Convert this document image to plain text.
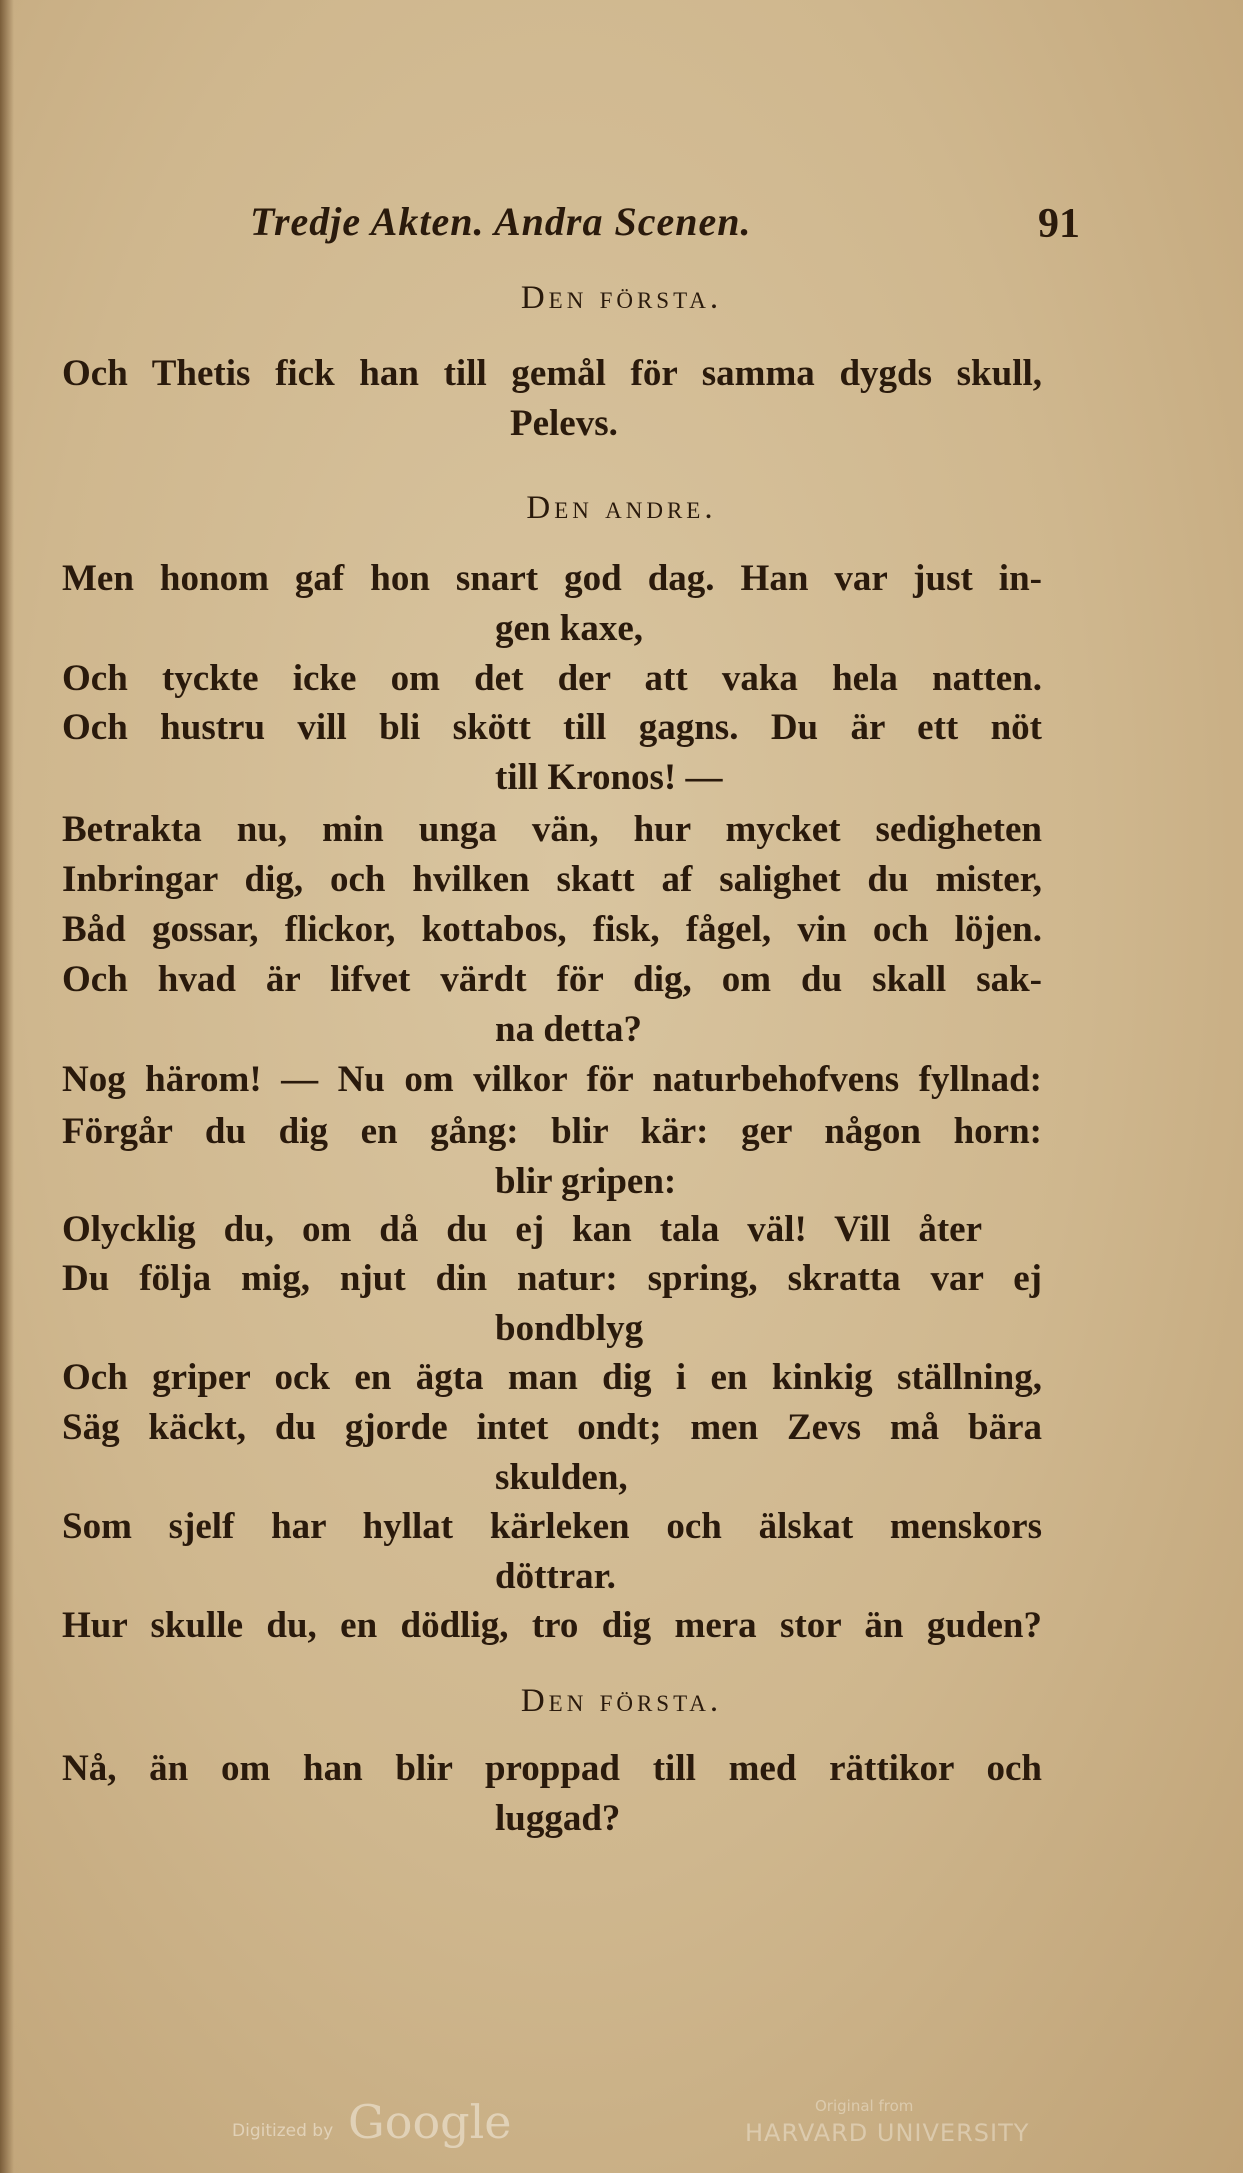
Tredje Akten. Andra Scenen.	91
Den första.
Och Thetis fick han till gemål för samma dygds skull,
Pelevs.
Den andre.
Men honom gaf hon snart god dag. Han var just in-
gen kaxe,
Och tyckte icke om det der att vaka hela natten.
Och hustru vill bli skött till gagns. Du är ett nöt
till Kronos! —
Betrakta nu, min unga vän, hur mycket sedigheten
Inbringar dig, och hvilken skatt af salighet du mister,
Båd gossar, flickor, kottabos, fisk, fågel, vin och löjen.
Och hvad är lifvet värdt för dig, om du skall sak-
na detta?
Nog härom! — Nu om vilkor för naturbehofvens fyllnad:
Förgår du dig en gång: blir kär: ger någon horn:
blir gripen:
Olycklig du, om då du ej kan tala väl! Vill åter
Du följa mig, njut din natur: spring, skratta var ej
bondblyg
Och griper ock en ägta man dig i en kinkig ställning,
Säg käckt, du gjorde intet ondt; men Zevs må bära
skulden,
Som sjelf har hyllat kärleken och älskat menskors
döttrar.
Hur skulle du, en dödlig, tro dig mera stor än guden?
Den första.
Nå, än om han blir proppad till med rättikor och
luggad?
Digitized by Google	Original from
HARVARD UNIVERSITY
